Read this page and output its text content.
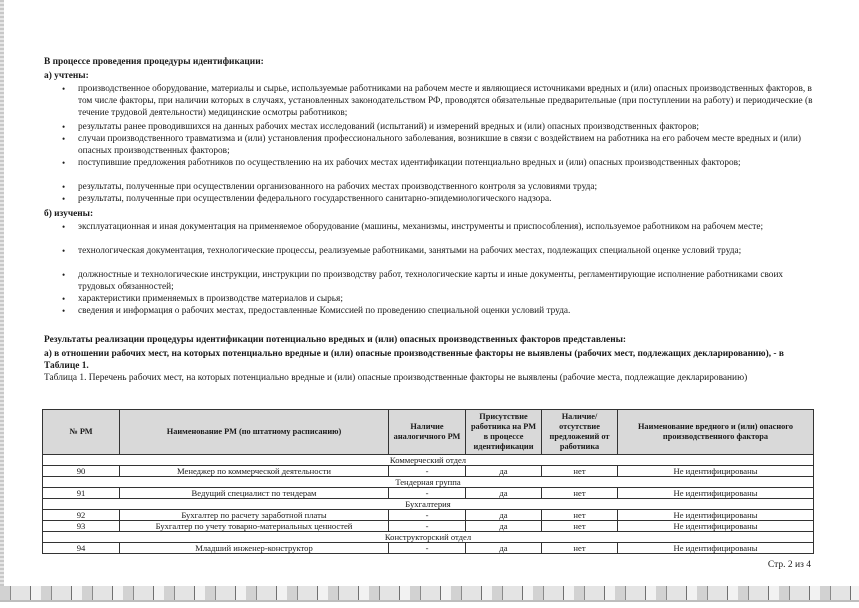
В процессе проведения процедуры идентификации:
а) учтены:
• производственное оборудование, материалы и сырье, используемые работниками на рабочем месте и являющиеся источниками вредных и (или) опасных производственных факторов, в том числе факторы, при наличии которых в случаях, установленных законодательством РФ, проводятся обязательные предварительные (при поступлении на работу) и периодические (в течение трудовой деятельности) медицинские осмотры работников;
• результаты ранее проводившихся на данных рабочих местах исследований (испытаний) и измерений вредных и (или) опасных производственных факторов;
• случаи производственного травматизма и (или) установления профессионального заболевания, возникшие в связи с воздействием на работника на его рабочем месте вредных и (или) опасных производственных факторов;
• поступившие предложения работников по осуществлению на их рабочих местах идентификации потенциально вредных и (или) опасных производственных факторов;
• результаты, полученные при осуществлении организованного на рабочих местах производственного контроля за условиями труда;
• результаты, полученные при осуществлении федерального государственного санитарно-эпидемиологического надзора.
б) изучены:
• эксплуатационная и иная документация на применяемое оборудование (машины, механизмы, инструменты и приспособления), используемое работником на рабочем месте;
• технологическая документация, технологические процессы, реализуемые работниками, занятыми на рабочих местах, подлежащих специальной оценке условий труда;
• должностные и технологические инструкции, инструкции по производству работ, технологические карты и иные документы, регламентирующие исполнение работниками своих трудовых обязанностей;
• характеристики применяемых в производстве материалов и сырья;
• сведения и информация о рабочих местах, предоставленные Комиссией по проведению специальной оценки условий труда.
Результаты реализации процедуры идентификации потенциально вредных и (или) опасных производственных факторов представлены:
а) в отношении рабочих мест, на которых потенциально вредные и (или) опасные производственные факторы не выявлены (рабочих мест, подлежащих декларированию), - в Таблице 1.
Таблица 1. Перечень рабочих мест, на которых потенциально вредные и (или) опасные производственные факторы не выявлены (рабочие места, подлежащие декларированию)
№ РМ	Наименование РМ (по штатному расписанию)	Наличие аналогичного РМ	Присутствие работника на РМ в процессе идентификации	Наличие/отсутствие предложений от работника	Наименование вредного и (или) опасного производственного фактора
Коммерческий отдел					
90	Менеджер по коммерческой деятельности	-	да	нет	Не идентифицированы
Тендерная группа					
91	Ведущий специалист по тендерам	-	да	нет	Не идентифицированы
Бухгалтерия					
92	Бухгалтер по расчету заработной платы	-	да	нет	Не идентифицированы
93	Бухгалтер по учету товарно-материальных ценностей	-	да	нет	Не идентифицированы
Конструкторский отдел					
94	Младший инженер-конструктор	-	да	нет	Не идентифицированы
Стр. 2 из 4
